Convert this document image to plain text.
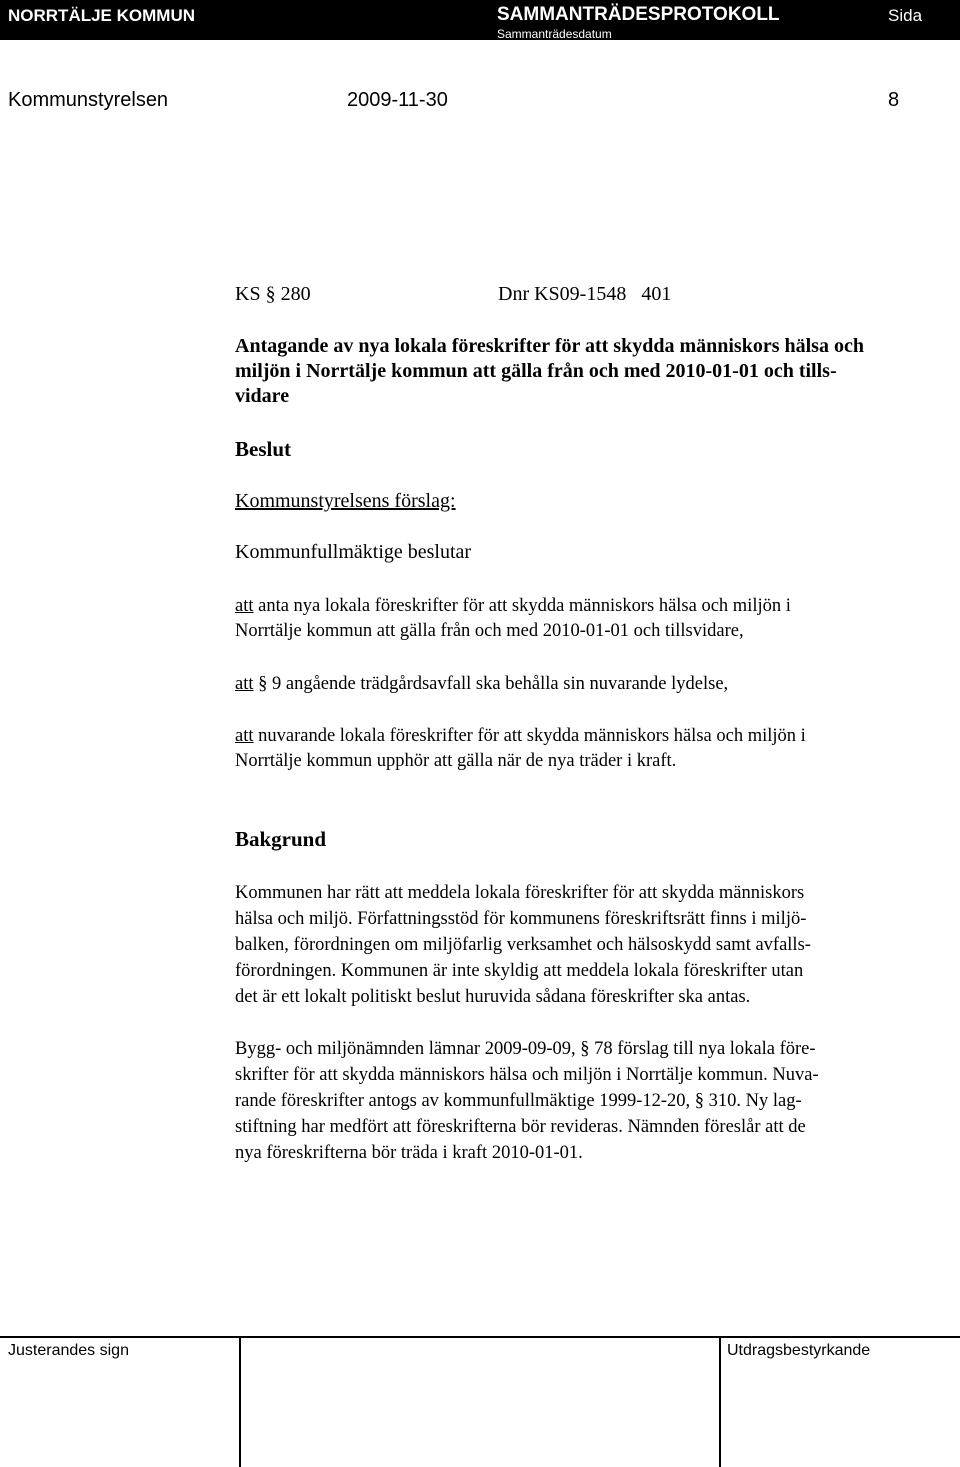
NORRTÄLJE KOMMUN	SAMMANTRÄDESPROTOKOLL
Sammanträdesdatum
Sida
Kommunstyrelsen	2009-11-30	8
KS § 280	Dnr KS09-1548   401
Antagande av nya lokala föreskrifter för att skydda människors hälsa och
miljön i Norrtälje kommun att gälla från och med 2010-01-01 och tills-
vidare
Beslut
Kommunstyrelsens förslag:
Kommunfullmäktige beslutar
att anta nya lokala föreskrifter för att skydda människors hälsa och miljön i
Norrtälje kommun att gälla från och med 2010-01-01 och tillsvidare,
att § 9 angående trädgårdsavfall ska behålla sin nuvarande lydelse,
att nuvarande lokala föreskrifter för att skydda människors hälsa och miljön i
Norrtälje kommun upphör att gälla när de nya träder i kraft.
Bakgrund
Kommunen har rätt att meddela lokala föreskrifter för att skydda människors
hälsa och miljö. Författningsstöd för kommunens föreskriftsrätt finns i miljö-
balken, förordningen om miljöfarlig verksamhet och hälsoskydd samt avfalls-
förordningen. Kommunen är inte skyldig att meddela lokala föreskrifter utan
det är ett lokalt politiskt beslut huruvida sådana föreskrifter ska antas.
Bygg- och miljönämnden lämnar 2009-09-09, § 78 förslag till nya lokala före-
skrifter för att skydda människors hälsa och miljön i Norrtälje kommun. Nuva-
rande föreskrifter antogs av kommunfullmäktige 1999-12-20, § 310. Ny lag-
stiftning har medfört att föreskrifterna bör revideras. Nämnden föreslår att de
nya föreskrifterna bör träda i kraft 2010-01-01.
Justerandes sign	Utdragsbestyrkande
